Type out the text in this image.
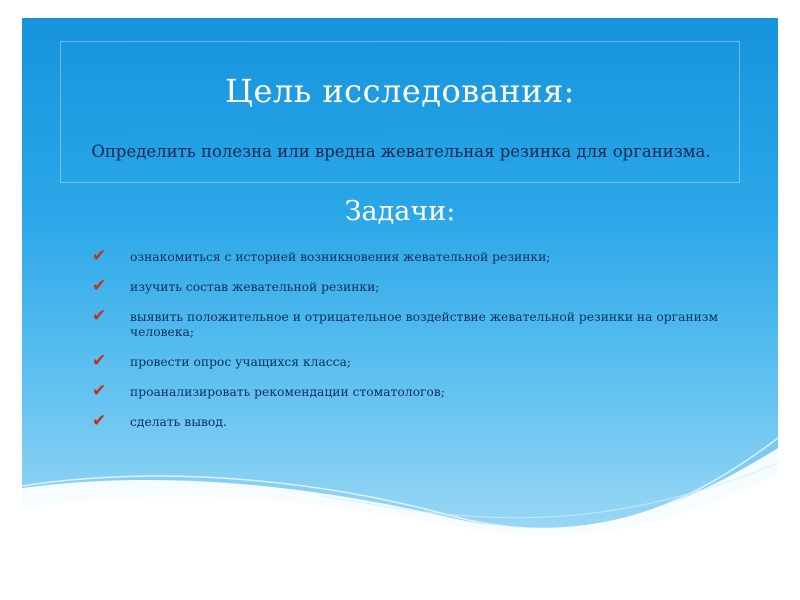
Цель исследования:
Определить полезна или вредна жевательная резинка для организма.
Задачи:
✔ ознакомиться с историей возникновения жевательной резинки;
✔ изучить состав жевательной резинки;
✔ выявить положительное и отрицательное воздействие жевательной резинки на организм человека;
✔ провести опрос учащихся класса;
✔ проанализировать рекомендации стоматологов;
✔ сделать вывод.
